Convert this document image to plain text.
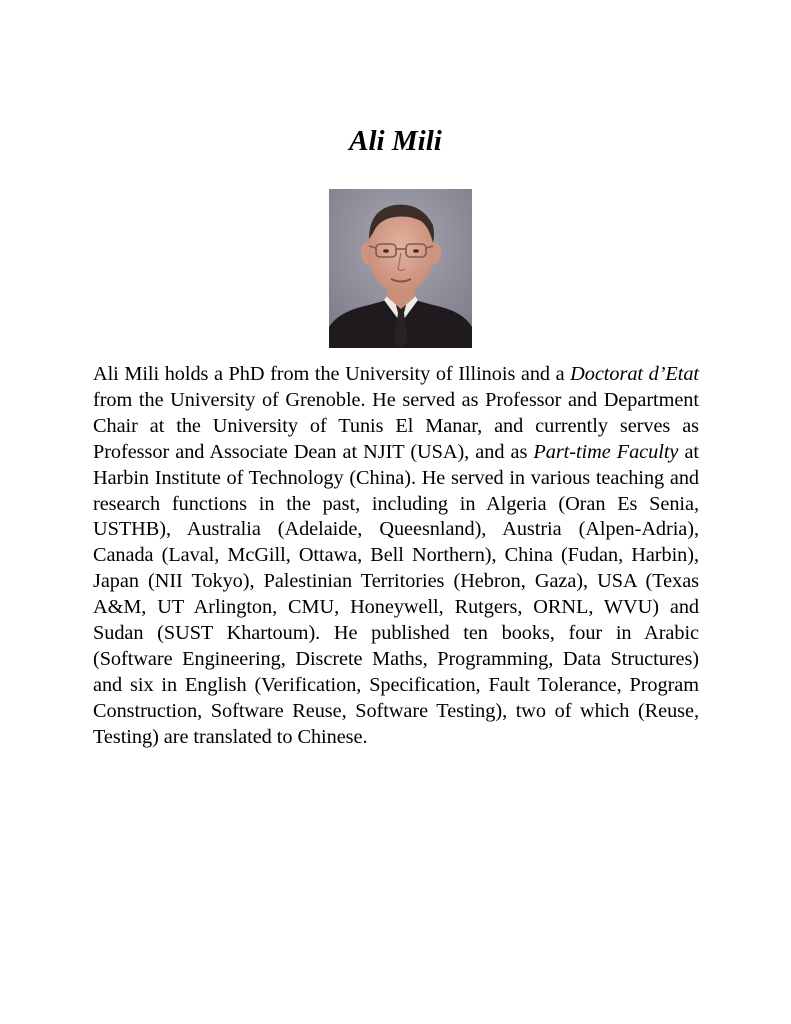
Ali Mili

Ali Mili holds a PhD from the University of Illinois and a Doctorat d’Etat from the University of Grenoble. He served as Professor and Department Chair at the University of Tunis El Manar, and currently serves as Professor and Associate Dean at NJIT (USA), and as Part-time Faculty at Harbin Institute of Technology (China). He served in various teaching and research functions in the past, including in Algeria (Oran Es Senia, USTHB), Australia (Adelaide, Queesnland), Austria (Alpen-Adria), Canada (Laval, McGill, Ottawa, Bell Northern), China (Fudan, Harbin), Japan (NII Tokyo), Palestinian Territories (Hebron, Gaza), USA (Texas A&M, UT Arlington, CMU, Honeywell, Rutgers, ORNL, WVU) and Sudan (SUST Khartoum). He published ten books, four in Arabic (Software Engineering, Discrete Maths, Programming, Data Structures) and six in English (Verification, Specification, Fault Tolerance, Program Construction, Software Reuse, Software Testing), two of which (Reuse, Testing) are translated to Chinese.
